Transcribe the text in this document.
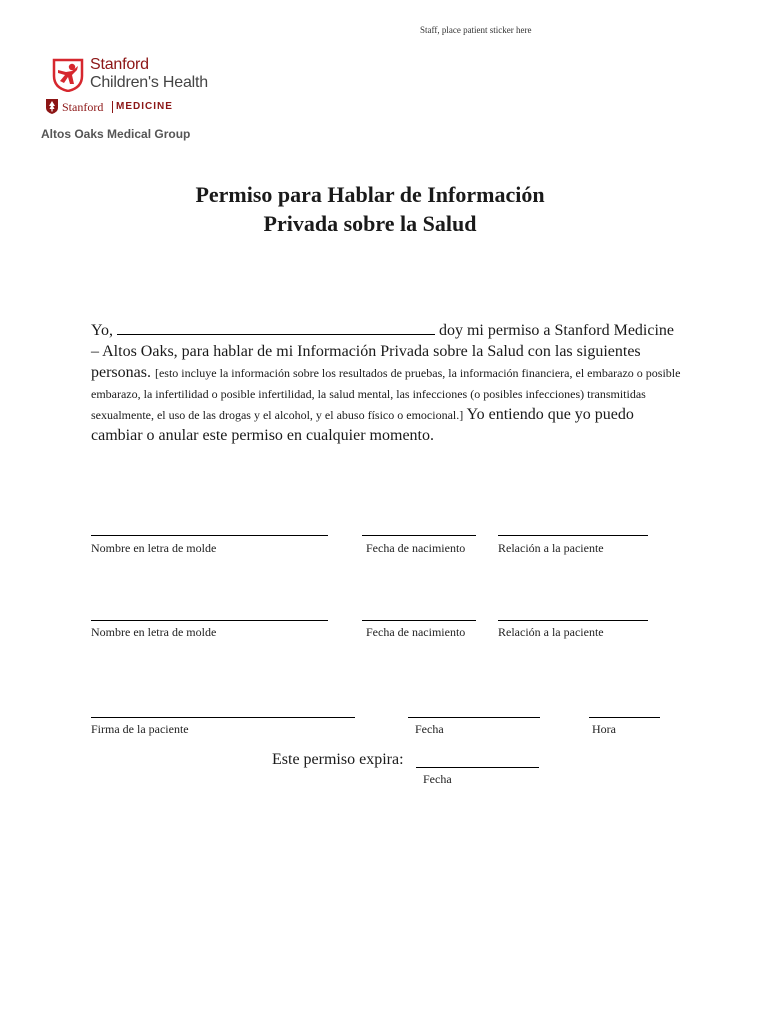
Staff, place patient sticker here
Stanford
Children's Health
Stanford MEDICINE
Altos Oaks Medical Group
Permiso para Hablar de Información
Privada sobre la Salud
Yo,	doy mi permiso a Stanford Medicine – Altos Oaks, para hablar de mi Información Privada sobre la Salud con las siguientes personas. [esto incluye la información sobre los resultados de pruebas, la información financiera, el embarazo o posible embarazo, la infertilidad o posible infertilidad, la salud mental, las infecciones (o posibles infecciones) transmitidas sexualmente, el uso de las drogas y el alcohol, y el abuso físico o emocional.] Yo entiendo que yo puedo cambiar o anular este permiso en cualquier momento.
Nombre en letra de molde	Fecha de nacimiento	Relación a la paciente
Nombre en letra de molde	Fecha de nacimiento	Relación a la paciente
Firma de la paciente	Fecha	Hora
Este permiso expira:
Fecha
